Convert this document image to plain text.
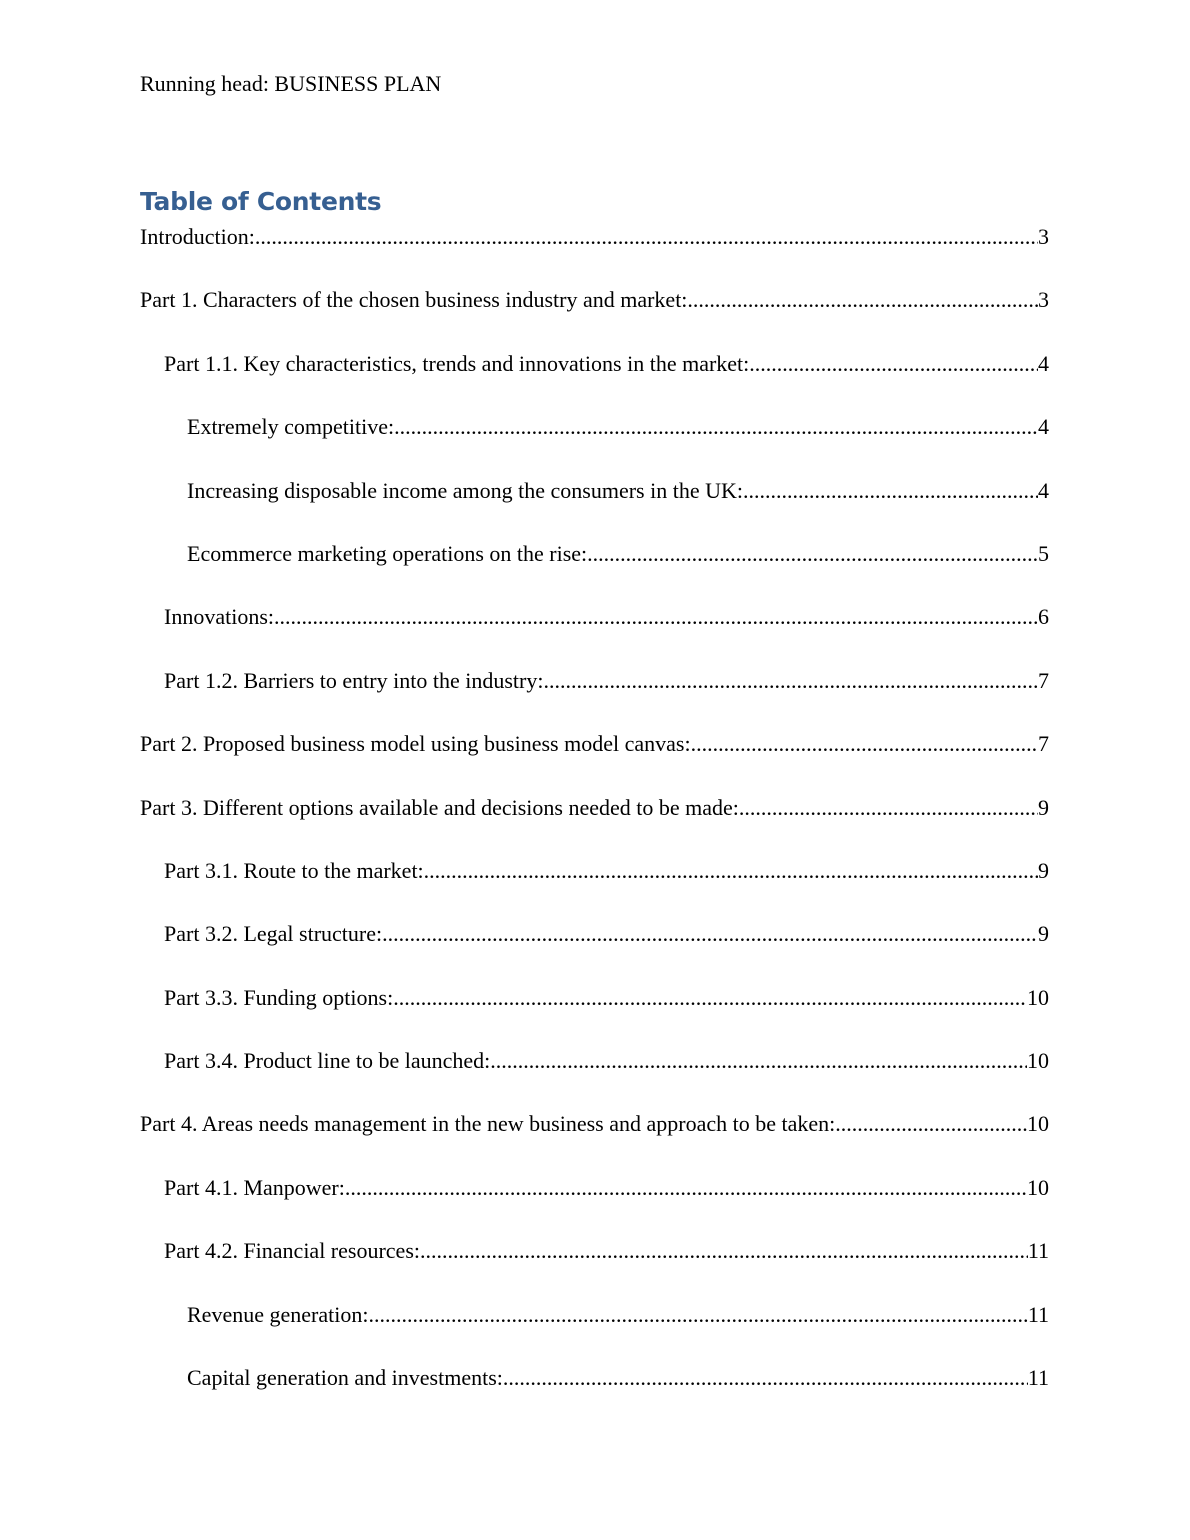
Running head: BUSINESS PLAN
Table of Contents
Introduction: .....	3
Part 1. Characters of the chosen business industry and market: .....	3
Part 1.1. Key characteristics, trends and innovations in the market: .....	4
Extremely competitive: .....	4
Increasing disposable income among the consumers in the UK: .....	4
Ecommerce marketing operations on the rise: .....	5
Innovations: .....	6
Part 1.2. Barriers to entry into the industry: .....	7
Part 2. Proposed business model using business model canvas: .....	7
Part 3. Different options available and decisions needed to be made: .....	9
Part 3.1. Route to the market: .....	9
Part 3.2. Legal structure: .....	9
Part 3.3. Funding options: .....	10
Part 3.4. Product line to be launched: .....	10
Part 4. Areas needs management in the new business and approach to be taken: .....	10
Part 4.1. Manpower: .....	10
Part 4.2. Financial resources: .....	11
Revenue generation: .....	11
Capital generation and investments: .....	11
